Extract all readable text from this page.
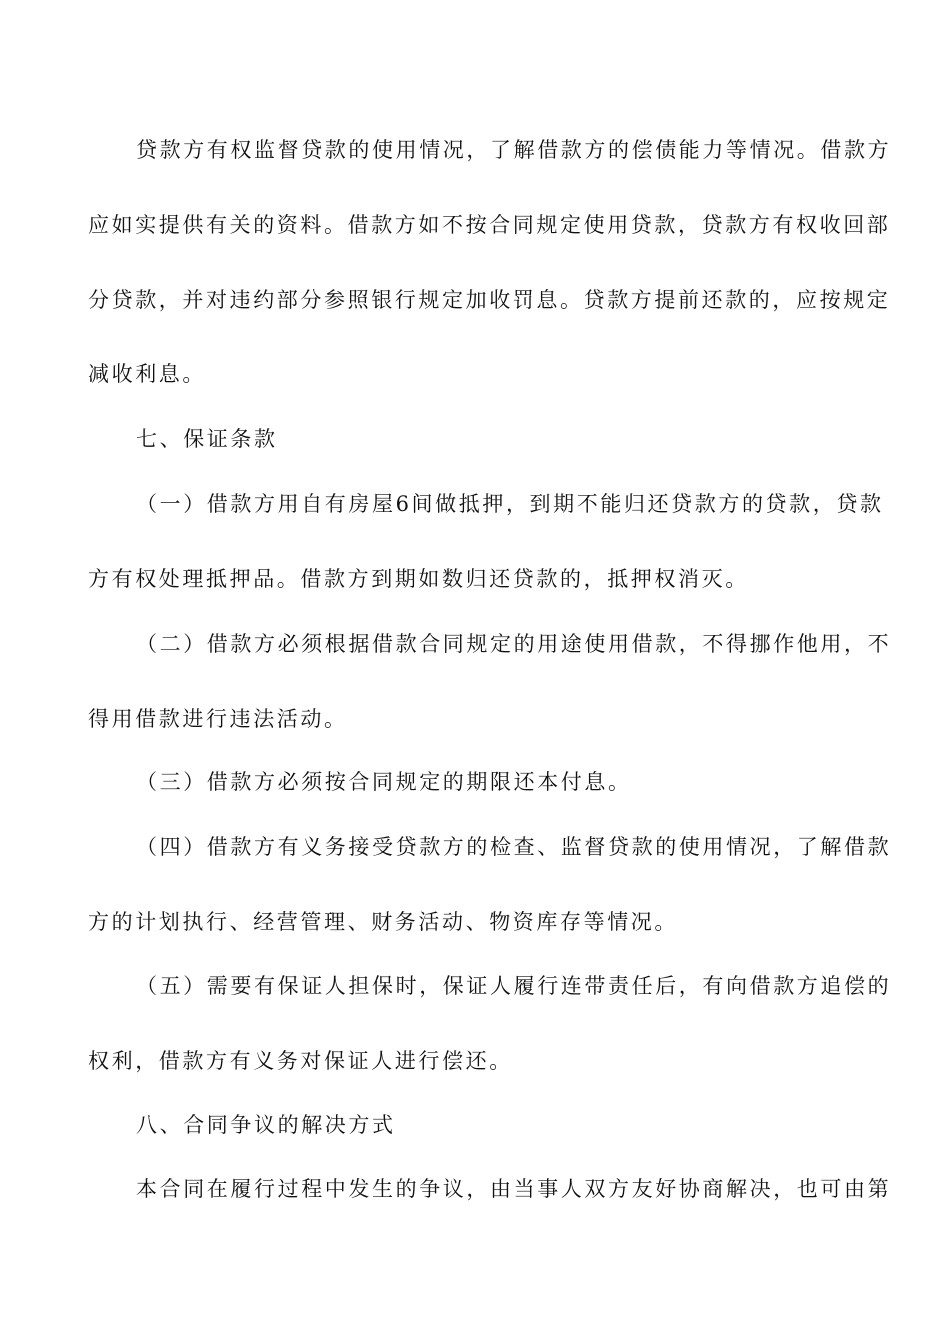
贷款方有权监督贷款的使用情况，了解借款方的偿债能力等情况。借款方

应如实提供有关的资料。借款方如不按合同规定使用贷款，贷款方有权收回部

分贷款，并对违约部分参照银行规定加收罚息。贷款方提前还款的，应按规定

减收利息。

七、保证条款

（一）借款方用自有房屋6间做抵押，到期不能归还贷款方的贷款，贷款

方有权处理抵押品。借款方到期如数归还贷款的，抵押权消灭。

（二）借款方必须根据借款合同规定的用途使用借款，不得挪作他用，不

得用借款进行违法活动。

（三）借款方必须按合同规定的期限还本付息。

（四）借款方有义务接受贷款方的检查、监督贷款的使用情况，了解借款

方的计划执行、经营管理、财务活动、物资库存等情况。

（五）需要有保证人担保时，保证人履行连带责任后，有向借款方追偿的

权利，借款方有义务对保证人进行偿还。

八、合同争议的解决方式

本合同在履行过程中发生的争议，由当事人双方友好协商解决，也可由第
